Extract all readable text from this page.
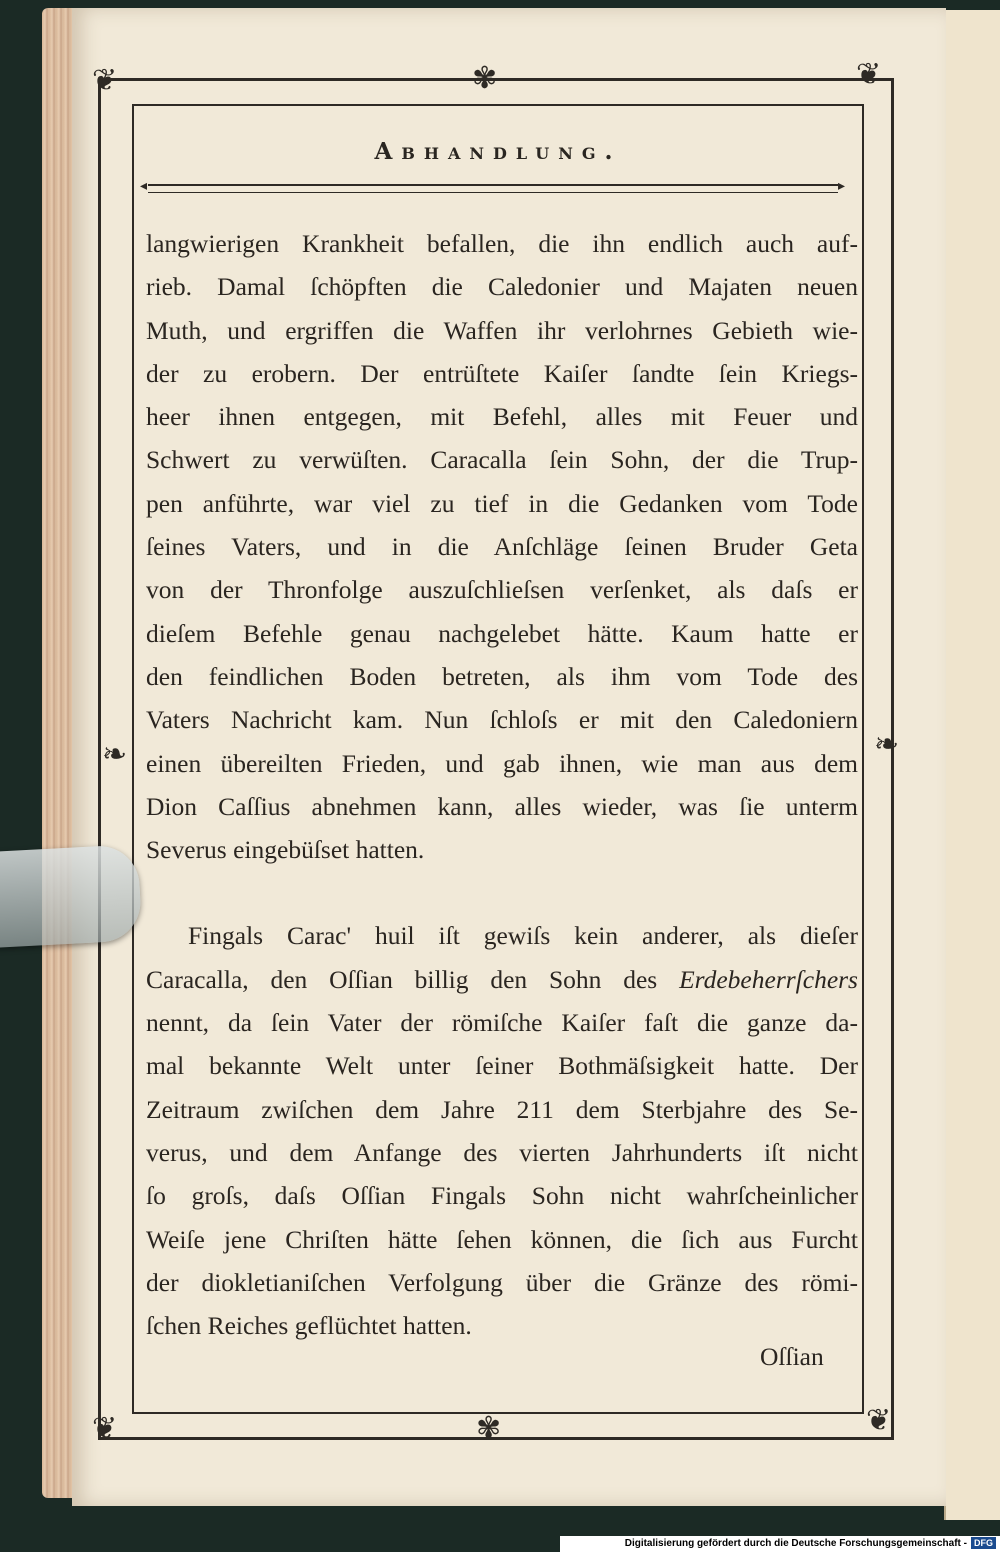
❦	❦
✾
❦	❦
✾
❧	❧
Abhandlung.
◂	▸
langwierigen Krankheit befallen, die ihn endlich auch auf-
rieb. Damal ſchöpften die Caledonier und Majaten neuen
Muth, und ergriffen die Waffen ihr verlohrnes Gebieth wie-
der zu erobern. Der entrüſtete Kaiſer ſandte ſein Kriegs-
heer ihnen entgegen, mit Befehl, alles mit Feuer und
Schwert zu verwüſten. Caracalla ſein Sohn, der die Trup-
pen anführte, war viel zu tief in die Gedanken vom Tode
ſeines Vaters, und in die Anſchläge ſeinen Bruder Geta
von der Thronfolge auszuſchlieſsen verſenket, als daſs er
dieſem Befehle genau nachgelebet hätte. Kaum hatte er
den feindlichen Boden betreten, als ihm vom Tode des
Vaters Nachricht kam. Nun ſchloſs er mit den Caledoniern
einen übereilten Frieden, und gab ihnen, wie man aus dem
Dion Caſſius abnehmen kann, alles wieder, was ſie unterm
Severus eingebüſset hatten.
Fingals Carac' huil iſt gewiſs kein anderer, als dieſer
Caracalla, den Oſſian billig den Sohn des Erdebeherrſchers
nennt, da ſein Vater der römiſche Kaiſer faſt die ganze da-
mal bekannte Welt unter ſeiner Bothmäſsigkeit hatte. Der
Zeitraum zwiſchen dem Jahre 211 dem Sterbjahre des Se-
verus, und dem Anfange des vierten Jahrhunderts iſt nicht
ſo groſs, daſs Oſſian Fingals Sohn nicht wahrſcheinlicher
Weiſe jene Chriſten hätte ſehen können, die ſich aus Furcht
der diokletianiſchen Verfolgung über die Gränze des römi-
ſchen Reiches geflüchtet hatten.
Oſſian
Digitalisierung gefördert durch die Deutsche Forschungsgemeinschaft - DFG
